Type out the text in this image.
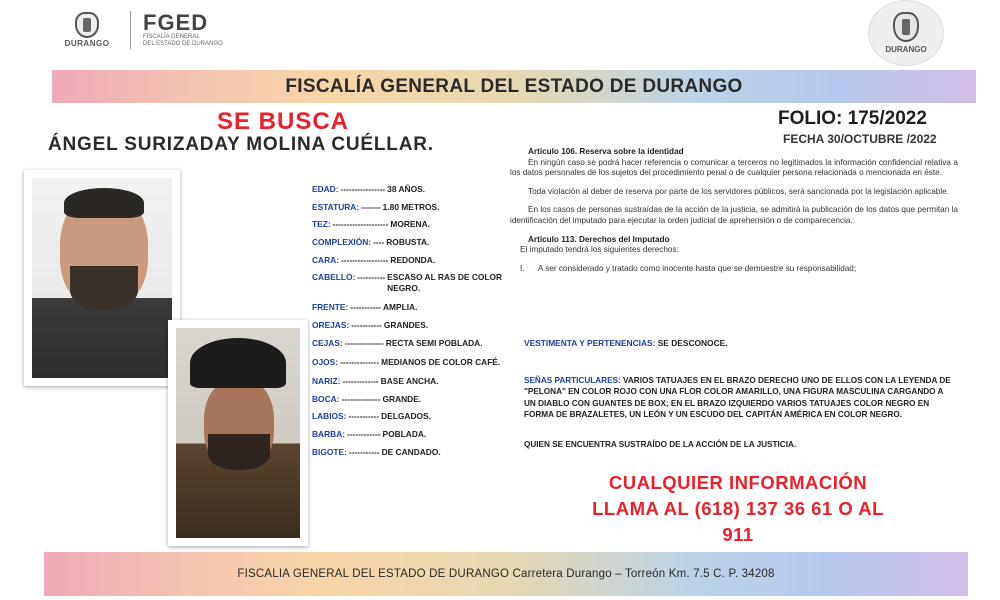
DURANGO
FGED
FISCALÍA GENERAL
DEL ESTADO DE DURANGO
DURANGO
FISCALÍA GENERAL DEL ESTADO DE DURANGO
SE BUSCA
ÁNGEL SURIZADAY MOLINA CUÉLLAR.
FOLIO: 175/2022
FECHA 30/OCTUBRE /2022
EDAD: ---------------- 38 AÑOS.
ESTATURA: ------- 1.80 METROS.
TEZ: -------------------- MORENA.
COMPLEXIÓN: ---- ROBUSTA.
CARA: ----------------- REDONDA.
CABELLO: ---------- ESCASO AL RAS DE COLOR NEGRO.
FRENTE: ----------- AMPLIA.
OREJAS: ----------- GRANDES.
CEJAS: -------------- RECTA SEMI POBLADA.
OJOS: -------------- MEDIANOS DE COLOR CAFÉ.
NARIZ: ------------- BASE ANCHA.
BOCA: -------------- GRANDE.
LABIOS: ----------- DELGADOS.
BARBA: ------------ POBLADA.
BIGOTE: ----------- DE CANDADO.
Artículo 106. Reserva sobre la identidad

En ningún caso se podrá hacer referencia o comunicar a terceros no legitimados la información confidencial relativa a los datos personales de los sujetos del procedimiento penal o de cualquier persona relacionada o mencionada en éste.

Toda violación al deber de reserva por parte de los servidores públicos, será sancionada por la legislación aplicable.

En los casos de personas sustraídas de la acción de la justicia, se admitirá la publicación de los datos que permitan la identificación del imputado para ejecutar la orden judicial de aprehensión o de comparecencia.

Artículo 113. Derechos del Imputado
El imputado tendrá los siguientes derechos:
I.	A ser considerado y tratado como inocente hasta que se demuestre su responsabilidad;
VESTIMENTA Y PERTENENCIAS: SE DESCONOCE.
SEÑAS PARTICULARES: VARIOS TATUAJES EN EL BRAZO DERECHO UNO DE ELLOS CON LA LEYENDA DE "PELONA" EN COLOR ROJO CON UNA FLOR COLOR AMARILLO, UNA FIGURA MASCULINA CARGANDO A UN DIABLO CON GUANTES DE BOX; EN EL BRAZO IZQUIERDO VARIOS TATUAJES COLOR NEGRO EN FORMA DE BRAZALETES, UN LEÓN Y UN ESCUDO DEL CAPITÁN AMÉRICA EN COLOR NEGRO.
QUIEN SE ENCUENTRA SUSTRAÍDO DE LA ACCIÓN DE LA JUSTICIA.
CUALQUIER INFORMACIÓN
LLAMA AL (618) 137 36 61 O AL
911
FISCALIA GENERAL DEL ESTADO DE DURANGO Carretera Durango – Torreón Km. 7.5 C. P. 34208
